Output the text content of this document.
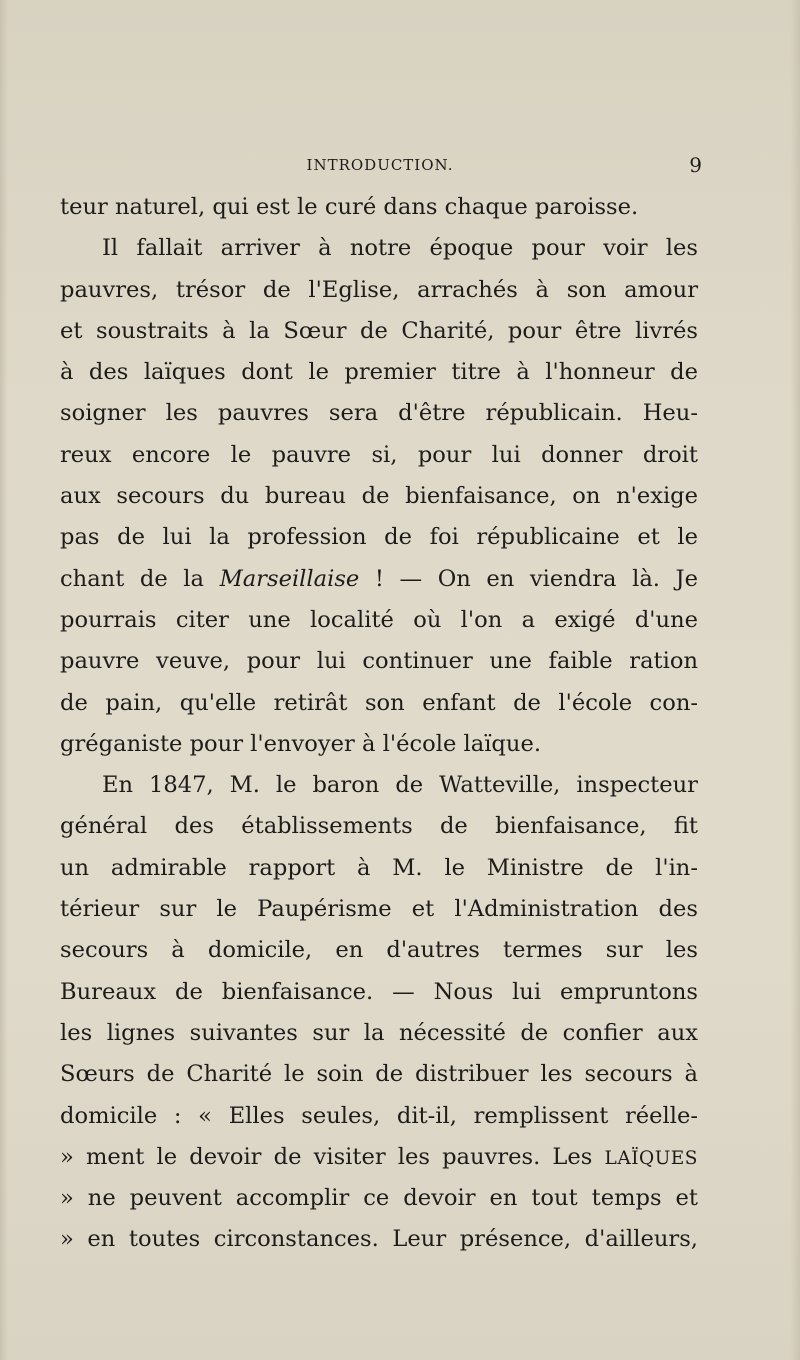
INTRODUCTION.	9
teur naturel, qui est le curé dans chaque paroisse.
Il fallait arriver à notre époque pour voir les
pauvres, trésor de l'Eglise, arrachés à son amour
et soustraits à la Sœur de Charité, pour être livrés
à des laïques dont le premier titre à l'honneur de
soigner les pauvres sera d'être républicain. Heu-
reux encore le pauvre si, pour lui donner droit
aux secours du bureau de bienfaisance, on n'exige
pas de lui la profession de foi républicaine et le
chant de la Marseillaise ! — On en viendra là. Je
pourrais citer une localité où l'on a exigé d'une
pauvre veuve, pour lui continuer une faible ration
de pain, qu'elle retirât son enfant de l'école con-
gréganiste pour l'envoyer à l'école laïque.
En 1847, M. le baron de Watteville, inspecteur
général des établissements de bienfaisance, fit
un admirable rapport à M. le Ministre de l'in-
térieur sur le Paupérisme et l'Administration des
secours à domicile, en d'autres termes sur les
Bureaux de bienfaisance. — Nous lui empruntons
les lignes suivantes sur la nécessité de confier aux
Sœurs de Charité le soin de distribuer les secours à
domicile : « Elles seules, dit-il, remplissent réelle-
» ment le devoir de visiter les pauvres. Les LAÏQUES
» ne peuvent accomplir ce devoir en tout temps et
» en toutes circonstances. Leur présence, d'ailleurs,
